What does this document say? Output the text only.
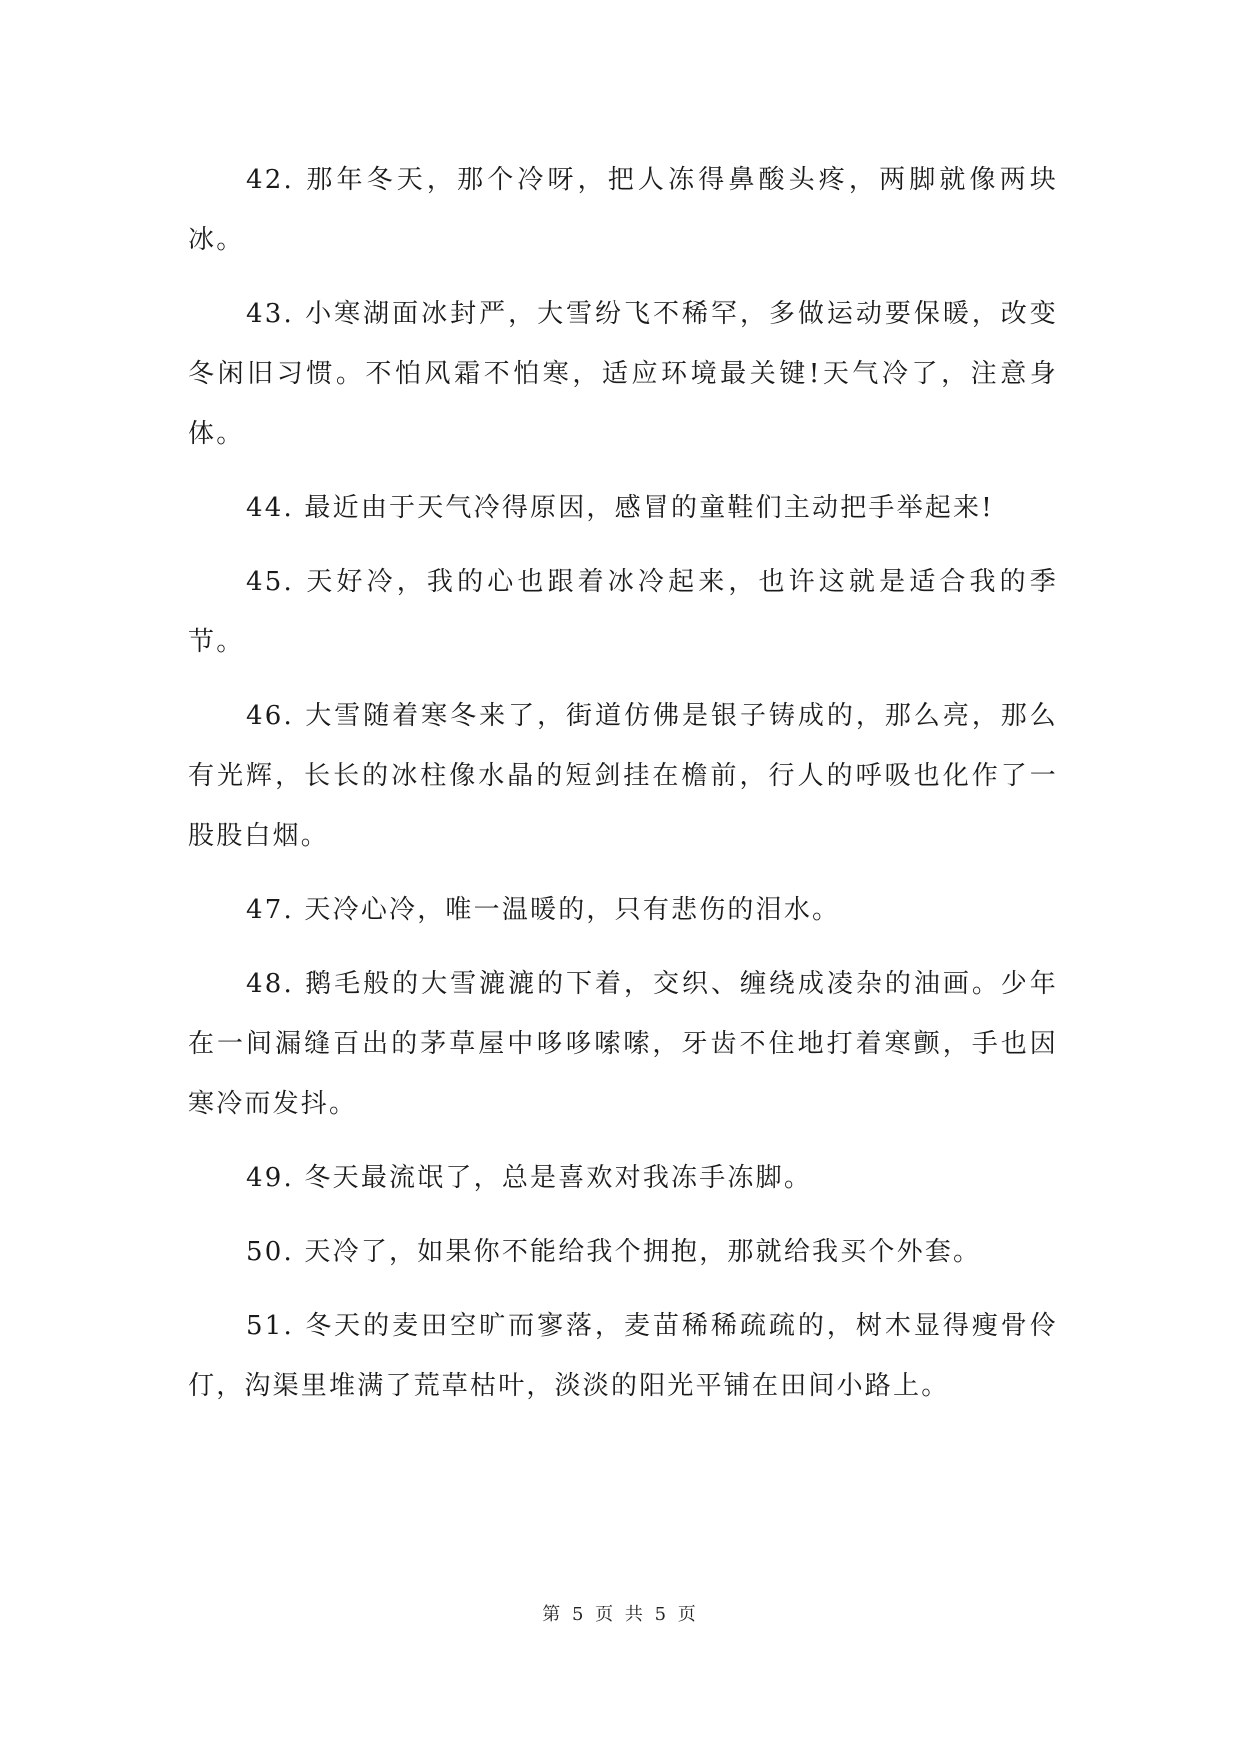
42. 那年冬天，那个冷呀，把人冻得鼻酸头疼，两脚就像两块冰。

43. 小寒湖面冰封严，大雪纷飞不稀罕，多做运动要保暖，改变冬闲旧习惯。不怕风霜不怕寒，适应环境最关键!天气冷了，注意身体。

44. 最近由于天气冷得原因，感冒的童鞋们主动把手举起来!

45. 天好冷，我的心也跟着冰冷起来，也许这就是适合我的季节。

46. 大雪随着寒冬来了，街道仿佛是银子铸成的，那么亮，那么有光辉，长长的冰柱像水晶的短剑挂在檐前，行人的呼吸也化作了一股股白烟。

47. 天冷心冷，唯一温暖的，只有悲伤的泪水。

48. 鹅毛般的大雪漉漉的下着，交织、缠绕成凌杂的油画。少年在一间漏缝百出的茅草屋中哆哆嗦嗦，牙齿不住地打着寒颤，手也因寒冷而发抖。

49. 冬天最流氓了，总是喜欢对我冻手冻脚。

50. 天冷了，如果你不能给我个拥抱，那就给我买个外套。

51. 冬天的麦田空旷而寥落，麦苗稀稀疏疏的，树木显得瘦骨伶仃，沟渠里堆满了荒草枯叶，淡淡的阳光平铺在田间小路上。

第 5 页 共 5 页
